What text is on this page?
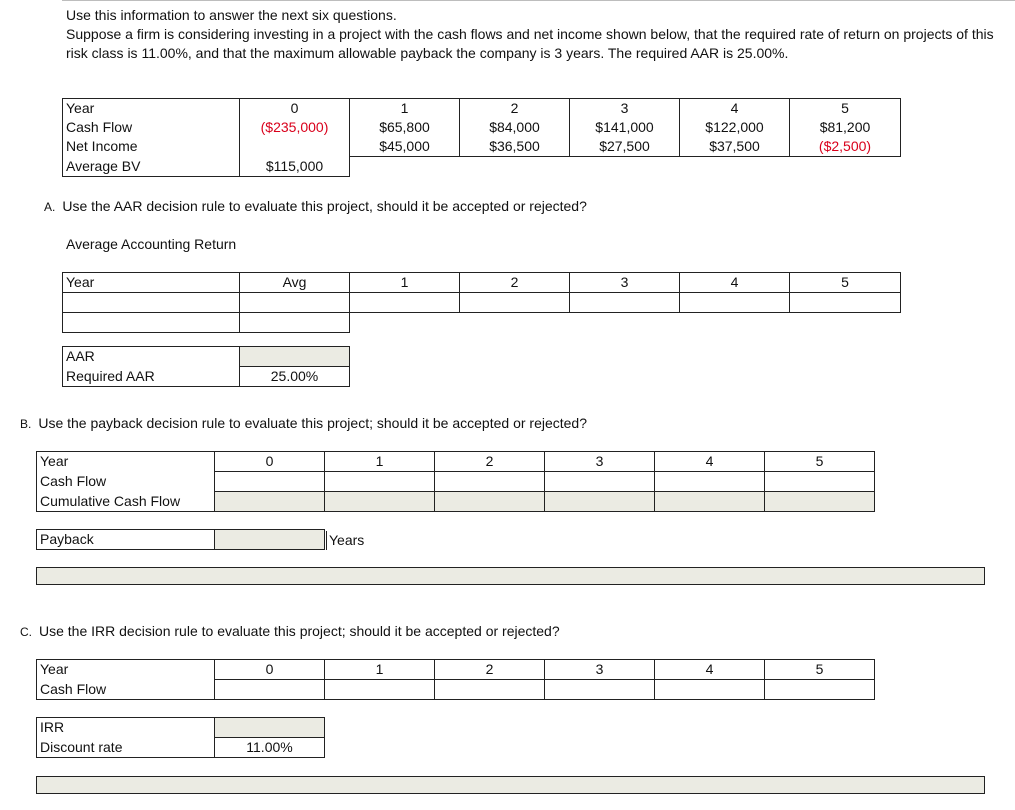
Use this information to answer the next six questions.

Suppose a firm is considering investing in a project with the cash flows and net income shown below, that the required rate of return on projects of this risk class is 11.00%, and that the maximum allowable payback the company is 3 years. The required AAR is 25.00%.

Year	0	1	2	3	4	5
Cash Flow	($235,000)	$65,800	$84,000	$141,000	$122,000	$81,200
Net Income		$45,000	$36,500	$27,500	$37,500	($2,500)
Average BV	$115,000					
A. Use the AAR decision rule to evaluate this project, should it be accepted or rejected?
Average Accounting Return
Year	Avg	1	2	3	4	5

AAR	
Required AAR	25.00%
B. Use the payback decision rule to evaluate this project; should it be accepted or rejected?
Year	0	1	2	3	4	5
Cash Flow						
Cumulative Cash Flow						
Payback		Years
C. Use the IRR decision rule to evaluate this project; should it be accepted or rejected?
Year	0	1	2	3	4	5
Cash Flow						
IRR	
Discount rate	11.00%
